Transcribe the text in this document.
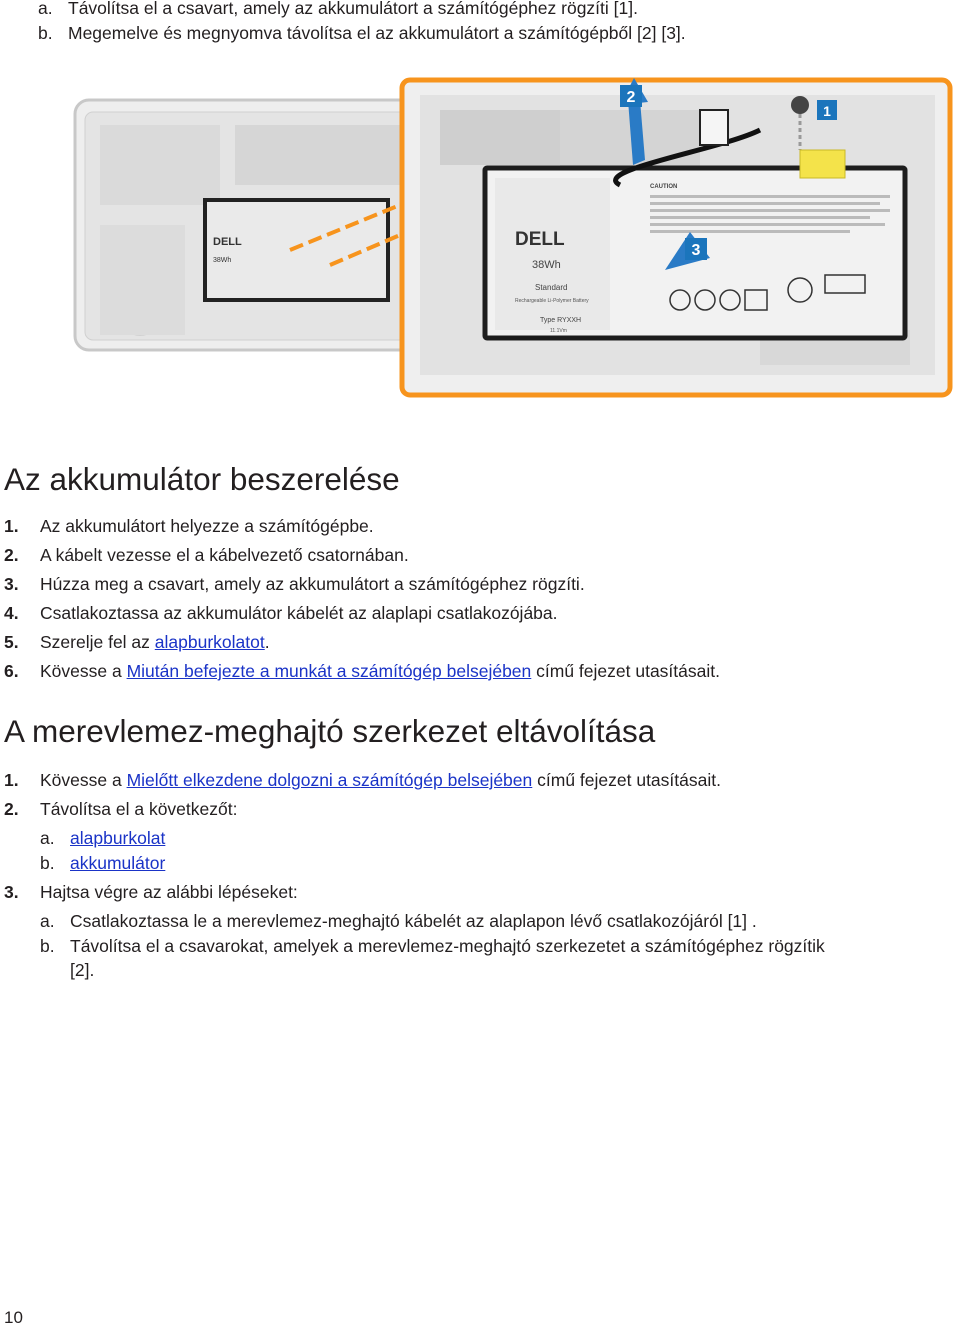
a. Távolítsa el a csavart, amely az akkumulátort a számítógéphez rögzíti [1].
b. Megemelve és megnyomva távolítsa el az akkumulátort a számítógépből [2] [3].
DELL
38Wh
DELL
38Wh
Standard
Rechargeable Li-Polymer Battery
Type RYXXH
11.1Vm
CAUTION
2
3
1
Az akkumulátor beszerelése
1. Az akkumulátort helyezze a számítógépbe.
2. A kábelt vezesse el a kábelvezető csatornában.
3. Húzza meg a csavart, amely az akkumulátort a számítógéphez rögzíti.
4. Csatlakoztassa az akkumulátor kábelét az alaplapi csatlakozójába.
5. Szerelje fel az alapburkolatot.
6. Kövesse a Miután befejezte a munkát a számítógép belsejében című fejezet utasításait.
A merevlemez-meghajtó szerkezet eltávolítása
1. Kövesse a Mielőtt elkezdene dolgozni a számítógép belsejében című fejezet utasításait.
2. Távolítsa el a következőt:
a. alapburkolat
b. akkumulátor
3. Hajtsa végre az alábbi lépéseket:
a. Csatlakoztassa le a merevlemez-meghajtó kábelét az alaplapon lévő csatlakozójáról [1] .
b. Távolítsa el a csavarokat, amelyek a merevlemez-meghajtó szerkezetet a számítógéphez rögzítik
[2].
10
